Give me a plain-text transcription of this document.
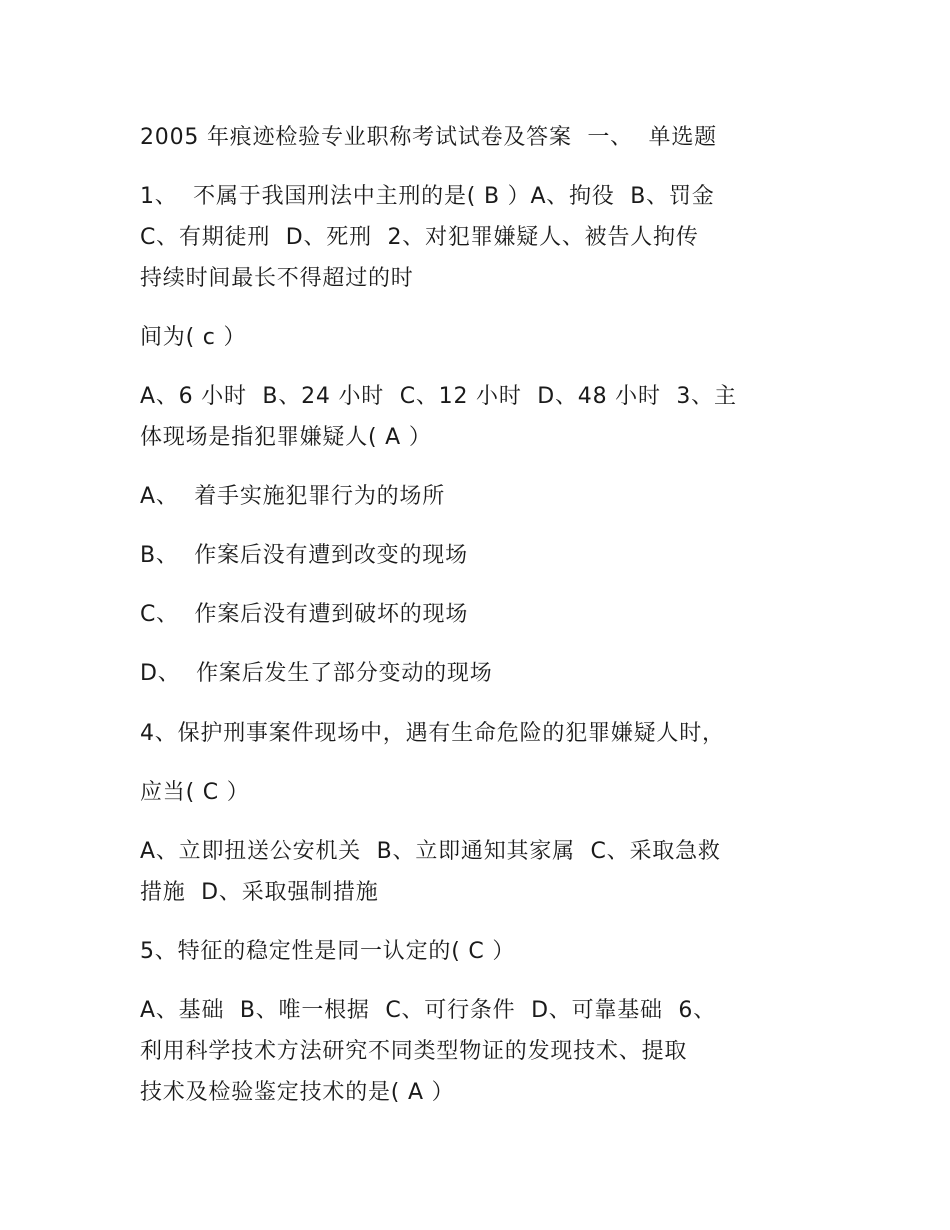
2005 年痕迹检验专业职称考试试卷及答案  一、  单选题
1、  不属于我国刑法中主刑的是( B ）A、拘役  B、罚金
C、有期徒刑  D、死刑  2、对犯罪嫌疑人、被告人拘传
持续时间最长不得超过的时
间为( c ）
A、6 小时  B、24 小时  C、12 小时  D、48 小时  3、主
体现场是指犯罪嫌疑人( A ）
A、  着手实施犯罪行为的场所
B、  作案后没有遭到改变的现场
C、  作案后没有遭到破坏的现场
D、  作案后发生了部分变动的现场
4、保护刑事案件现场中，遇有生命危险的犯罪嫌疑人时，
应当( C ）
A、立即扭送公安机关  B、立即通知其家属  C、采取急救
措施  D、采取强制措施
5、特征的稳定性是同一认定的( C ）
A、基础  B、唯一根据  C、可行条件  D、可靠基础  6、
利用科学技术方法研究不同类型物证的发现技术、提取
技术及检验鉴定技术的是( A ）
